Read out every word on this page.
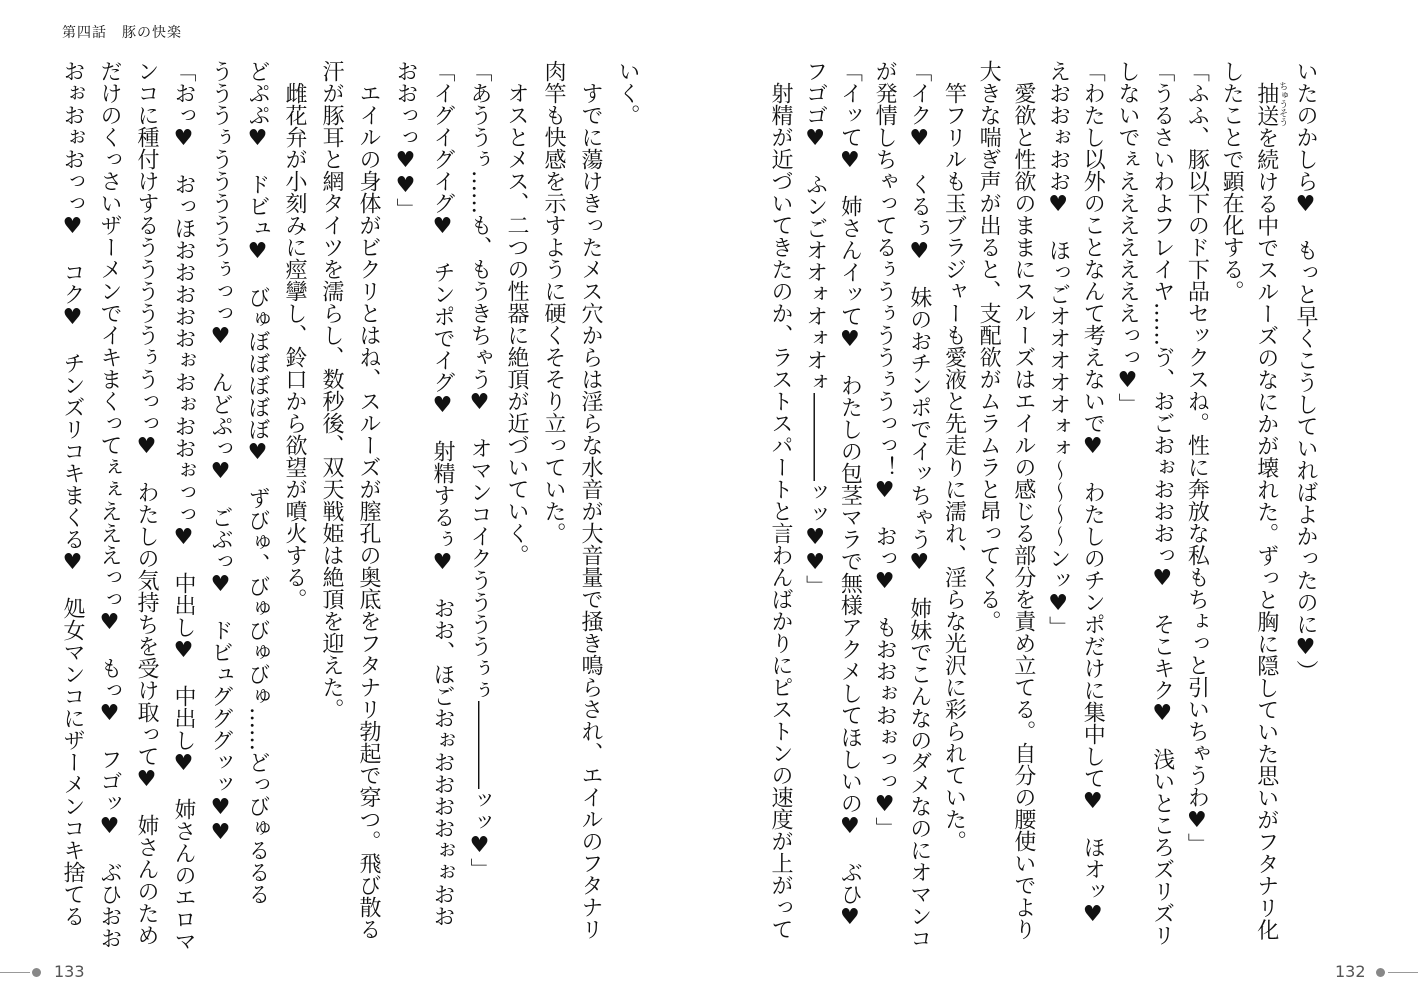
第四話　豚の快楽
いく。
　すでに蕩けきったメス穴からは淫らな水音が大音量で掻き鳴らされ、エイルのフタナリ
肉竿も快感を示すように硬くそそり立っていた。
　オスとメス、二つの性器に絶頂が近づいていく。
「あううぅ……も、もうきちゃう♥　オマンコイクううううぅぅ――――ッッ♥」
「イグイグイグ♥　チンポでイグ♥　射精するぅ♥　おお、ほごおぉおおおおぉぉおお
おおっっ♥♥」
　エイルの身体がビクリとはね、スルーズが膣孔の奥底をフタナリ勃起で穿つ。飛び散る
汗が豚耳と網タイツを濡らし、数秒後、双天戦姫は絶頂を迎えた。
　雌花弁が小刻みに痙攣し、鈴口から欲望が噴火する。
どぷぷ♥　ドビュ♥　びゅぼぼぼぼぼ♥　ずびゅ、びゅびゅびゅ……どっびゅるるる
うううぅうううううぅっっ♥　んどぷっ♥　ごぶっ♥　ドビュグググッッ♥♥
「おっ♥　おっほおおおおおぉおぉおおぉっっ♥　中出し♥　中出し♥　姉さんのエロマ
ンコに種付けするうううううぅうっっ♥　わたしの気持ちを受け取って♥　姉さんのため
だけのくっさいザーメンでイキまくってぇぇえええっっ♥　もっ♥　フゴッ♥　ぶひおお
おぉおぉおっっ♥　コク♥　チンズリコキまくる♥　処女マンコにザーメンコキ捨てる	いたのかしら♥　もっと早くこうしていればよかったのに♥）
　抽送ちゅうそうを続ける中でスルーズのなにかが壊れた。ずっと胸に隠していた思いがフタナリ化
したことで顕在化する。
「ふふ、豚以下のド下品セックスね。性に奔放な私もちょっと引いちゃうわ♥」
「うるさいわよフレイヤ……ゔ、おごおぉおおおっ♥　そこキク♥　浅いところズリズリ
しないでぇえええええええっっ♥」
「わたし以外のことなんて考えないで♥　わたしのチンポだけに集中して♥　ほオッ♥
えおおぉおお♥　ほっごオオオオオォォ〜〜〜〜ンッ♥」
　愛欲と性欲のままにスルーズはエイルの感じる部分を責め立てる。自分の腰使いでより
大きな喘ぎ声が出ると、支配欲がムラムラと昂ってくる。
　竿フリルも玉ブラジャーも愛液と先走りに濡れ、淫らな光沢に彩られていた。
「イク♥　くるぅ♥　妹のおチンポでイッちゃう♥　姉妹でこんなのダメなのにオマンコ
が発情しちゃってるぅうぅううぅうっっ！♥　おっ♥　もおおぉおぉっっ♥」
「イッて♥　姉さんイッて♥　わたしの包茎マラで無様アクメしてほしいの♥　ぶひ♥
フゴゴ♥　ふンごオオォオォオォ――――ッッ♥♥」
　射精が近づいてきたのか、ラストスパートと言わんばかりにピストンの速度が上がって
133	132
